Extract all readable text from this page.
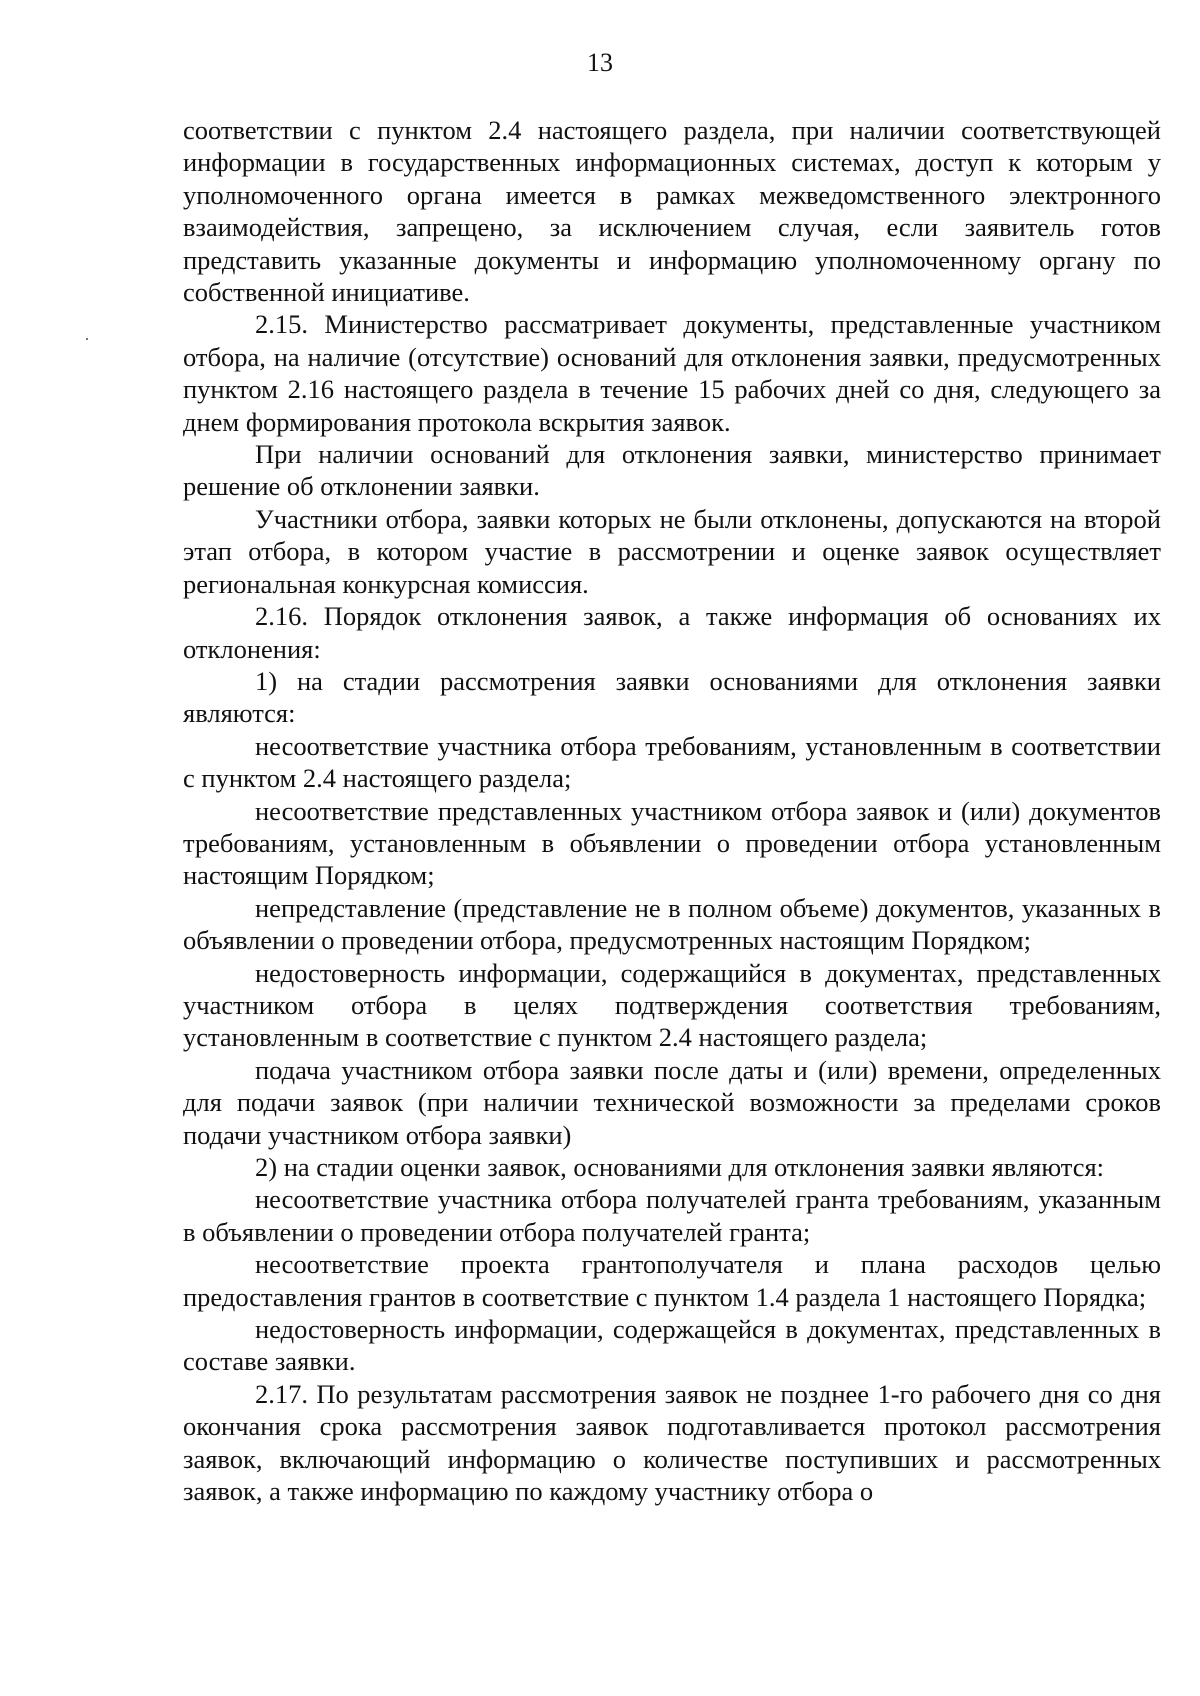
13

соответствии с пунктом 2.4 настоящего раздела, при наличии соответствующей информации в государственных информационных системах, доступ к которым у уполномоченного органа имеется в рамках межведомственного электронного взаимодействия, запрещено, за исключением случая, если заявитель готов представить указанные документы и информацию уполномоченному органу по собственной инициативе.

2.15. Министерство рассматривает документы, представленные участником отбора, на наличие (отсутствие) оснований для отклонения заявки, предусмотренных пунктом 2.16 настоящего раздела в течение 15 рабочих дней со дня, следующего за днем формирования протокола вскрытия заявок.

При наличии оснований для отклонения заявки, министерство принимает решение об отклонении заявки.

Участники отбора, заявки которых не были отклонены, допускаются на второй этап отбора, в котором участие в рассмотрении и оценке заявок осуществляет региональная конкурсная комиссия.

2.16. Порядок отклонения заявок, а также информация об основаниях их отклонения:

1) на стадии рассмотрения заявки основаниями для отклонения заявки являются:

несоответствие участника отбора требованиям, установленным в соответствии с пунктом 2.4 настоящего раздела;

несоответствие представленных участником отбора заявок и (или) документов требованиям, установленным в объявлении о проведении отбора установленным настоящим Порядком;

непредставление (представление не в полном объеме) документов, указанных в объявлении о проведении отбора, предусмотренных настоящим Порядком;

недостоверность информации, содержащийся в документах, представленных участником отбора в целях подтверждения соответствия требованиям, установленным в соответствие с пунктом 2.4 настоящего раздела;

подача участником отбора заявки после даты и (или) времени, определенных для подачи заявок (при наличии технической возможности за пределами сроков подачи участником отбора заявки)

2) на стадии оценки заявок, основаниями для отклонения заявки являются:

несоответствие участника отбора получателей гранта требованиям, указанным в объявлении о проведении отбора получателей гранта;

несоответствие проекта грантополучателя и плана расходов целью предоставления грантов в соответствие с пунктом 1.4 раздела 1 настоящего Порядка;

недостоверность информации, содержащейся в документах, представленных в составе заявки.

2.17. По результатам рассмотрения заявок не позднее 1-го рабочего дня со дня окончания срока рассмотрения заявок подготавливается протокол рассмотрения заявок, включающий информацию о количестве поступивших и рассмотренных заявок, а также информацию по каждому участнику отбора о
